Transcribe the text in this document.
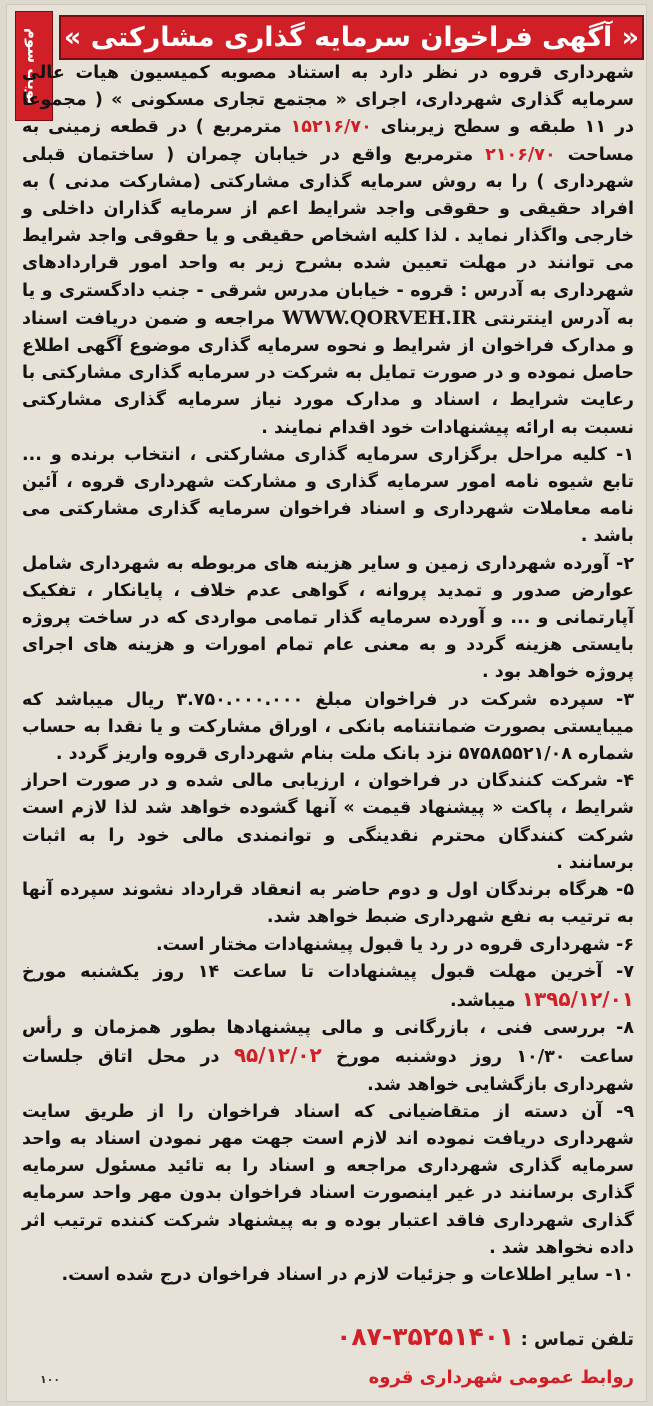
نوبت سوم « آگهی فراخوان سرمایه گذاری مشارکتی »

شهرداری قروه در نظر دارد به استناد مصوبه کمیسیون هیات عالی سرمایه گذاری شهرداری، اجرای « مجتمع تجاری مسکونی » ( مجموعا در ۱۱ طبقه و سطح زیربنای ۱۵۲۱۶/۷۰ مترمربع ) در قطعه زمینی به مساحت ۲۱۰۶/۷۰ مترمربع واقع در خیابان چمران ( ساختمان قبلی شهرداری ) را به روش سرمایه گذاری مشارکتی (مشارکت مدنی ) به افراد حقیقی و حقوقی واجد شرایط اعم از سرمایه گذاران داخلی و خارجی واگذار نماید . لذا کلیه اشخاص حقیقی و یا حقوقی واجد شرایط می توانند در مهلت تعیین شده بشرح زیر به واحد امور قراردادهای شهرداری به آدرس : قروه - خیابان مدرس شرقی - جنب دادگستری و یا به آدرس اینترنتی WWW.QORVEH.IR مراجعه و ضمن دریافت اسناد و مدارک فراخوان از شرایط و نحوه سرمایه گذاری موضوع آگهی اطلاع حاصل نموده و در صورت تمایل به شرکت در سرمایه گذاری مشارکتی با رعایت شرایط ، اسناد و مدارک مورد نیاز سرمایه گذاری مشارکتی نسبت به ارائه پیشنهادات خود اقدام نمایند .

۱- کلیه مراحل برگزاری سرمایه گذاری مشارکتی ، انتخاب برنده و ... تابع شیوه نامه امور سرمایه گذاری و مشارکت شهرداری قروه ، آئین نامه معاملات شهرداری و اسناد فراخوان سرمایه گذاری مشارکتی می باشد .

۲- آورده شهرداری زمین و سایر هزینه های مربوطه به شهرداری شامل عوارض صدور و تمدید پروانه ، گواهی عدم خلاف ، پایانکار ، تفکیک آپارتمانی و ... و آورده سرمایه گذار تمامی مواردی که در ساخت پروژه بایستی هزینه گردد و به معنی عام تمام امورات و هزینه های اجرای پروژه خواهد بود .

۳- سپرده شرکت در فراخوان مبلغ ۳.۷۵۰.۰۰۰.۰۰۰ ریال میباشد که میبایستی بصورت ضمانتنامه بانکی ، اوراق مشارکت و یا نقدا به حساب شماره ۵۷۵۸۵۵۲۱/۰۸ نزد بانک ملت بنام شهرداری قروه واریز گردد .

۴- شرکت کنندگان در فراخوان ، ارزیابی مالی شده و در صورت احراز شرایط ، پاکت « پیشنهاد قیمت » آنها گشوده خواهد شد لذا لازم است شرکت کنندگان محترم نقدینگی و توانمندی مالی خود را به اثبات برسانند .

۵- هرگاه برندگان اول و دوم حاضر به انعقاد قرارداد نشوند سپرده آنها به ترتیب به نفع شهرداری ضبط خواهد شد.

۶- شهرداری قروه در رد یا قبول پیشنهادات مختار است.

۷- آخرین مهلت قبول پیشنهادات تا ساعت ۱۴ روز یکشنبه مورخ ۱۳۹۵/۱۲/۰۱ میباشد.

۸- بررسی فنی ، بازرگانی و مالی پیشنهادها بطور همزمان و رأس ساعت ۱۰/۳۰ روز دوشنبه مورخ ۹۵/۱۲/۰۲ در محل اتاق جلسات شهرداری بازگشایی خواهد شد.

۹- آن دسته از متقاضیانی که اسناد فراخوان را از طریق سایت شهرداری دریافت نموده اند لازم است جهت مهر نمودن اسناد به واحد سرمایه گذاری شهرداری مراجعه و اسناد را به تائید مسئول سرمایه گذاری برسانند در غیر اینصورت اسناد فراخوان بدون مهر واحد سرمایه گذاری شهرداری فاقد اعتبار بوده و به پیشنهاد شرکت کننده ترتیب اثر داده نخواهد شد .

۱۰- سایر اطلاعات و جزئیات لازم در اسناد فراخوان درج شده است.

تلفن تماس : ۰۸۷-۳۵۲۵۱۴۰۱
روابط عمومی شهرداری قروه
۱۰۰
